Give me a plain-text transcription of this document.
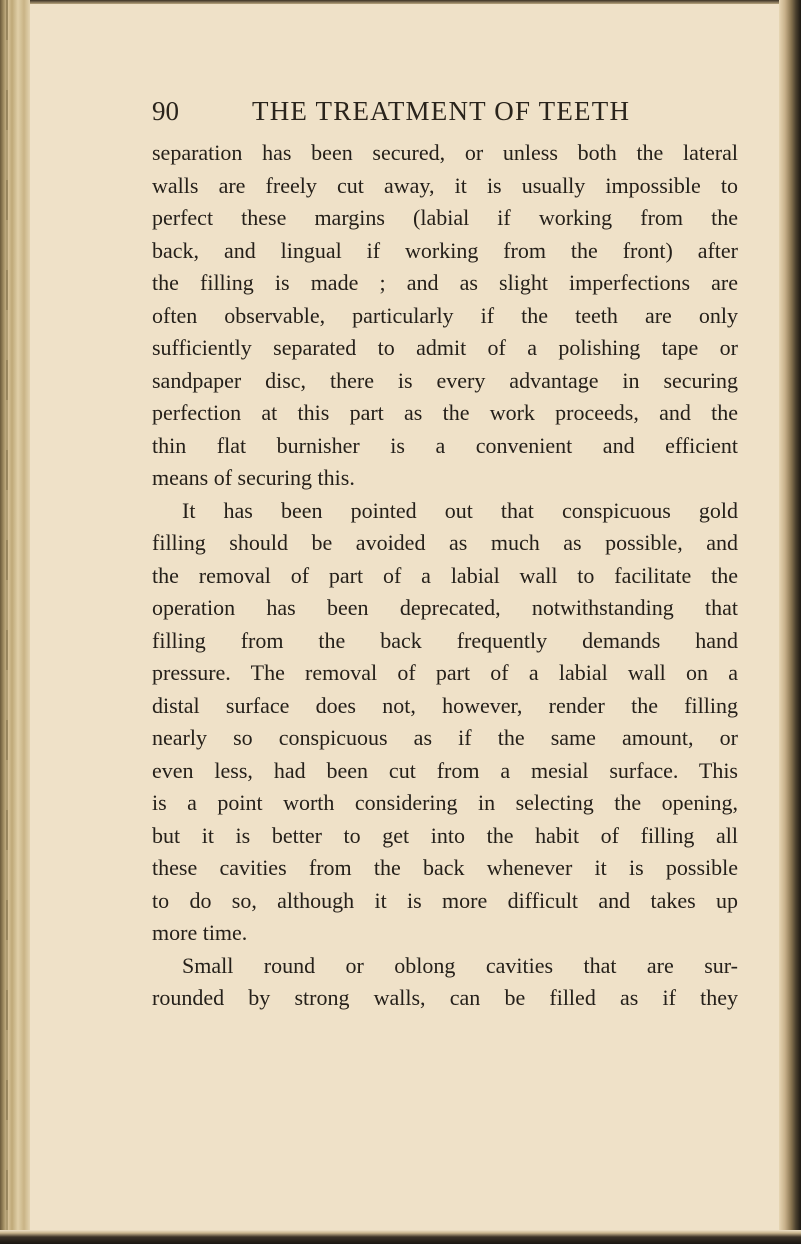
90	THE TREATMENT OF TEETH
separation has been secured, or unless both the lateral
walls are freely cut away, it is usually impossible to
perfect these margins (labial if working from the
back, and lingual if working from the front) after
the filling is made ; and as slight imperfections are
often observable, particularly if the teeth are only
sufficiently separated to admit of a polishing tape or
sandpaper disc, there is every advantage in securing
perfection at this part as the work proceeds, and the
thin flat burnisher is a convenient and efficient
means of securing this.
It has been pointed out that conspicuous gold
filling should be avoided as much as possible, and
the removal of part of a labial wall to facilitate the
operation has been deprecated, notwithstanding that
filling from the back frequently demands hand
pressure. The removal of part of a labial wall on a
distal surface does not, however, render the filling
nearly so conspicuous as if the same amount, or
even less, had been cut from a mesial surface. This
is a point worth considering in selecting the opening,
but it is better to get into the habit of filling all
these cavities from the back whenever it is possible
to do so, although it is more difficult and takes up
more time.
Small round or oblong cavities that are sur-
rounded by strong walls, can be filled as if they
